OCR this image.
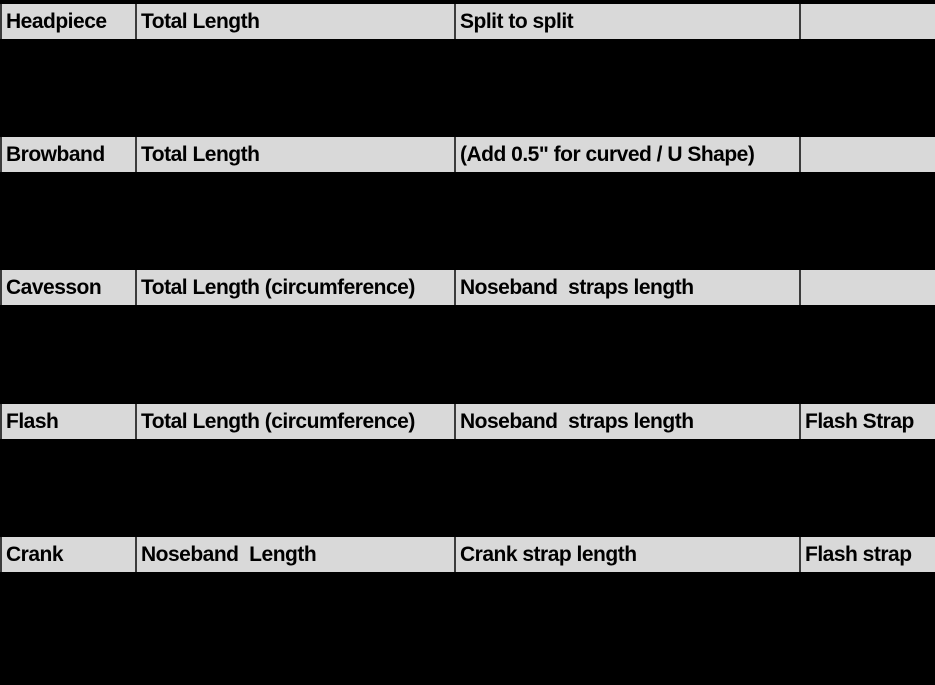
Headpiece	Total Length	Split to split
Browband	Total Length	(Add 0.5" for curved / U Shape)
Cavesson	Total Length (circumference)	Noseband  straps length
Flash	Total Length (circumference)	Noseband  straps length	Flash Strap
Crank	Noseband  Length	Crank strap length	Flash strap
